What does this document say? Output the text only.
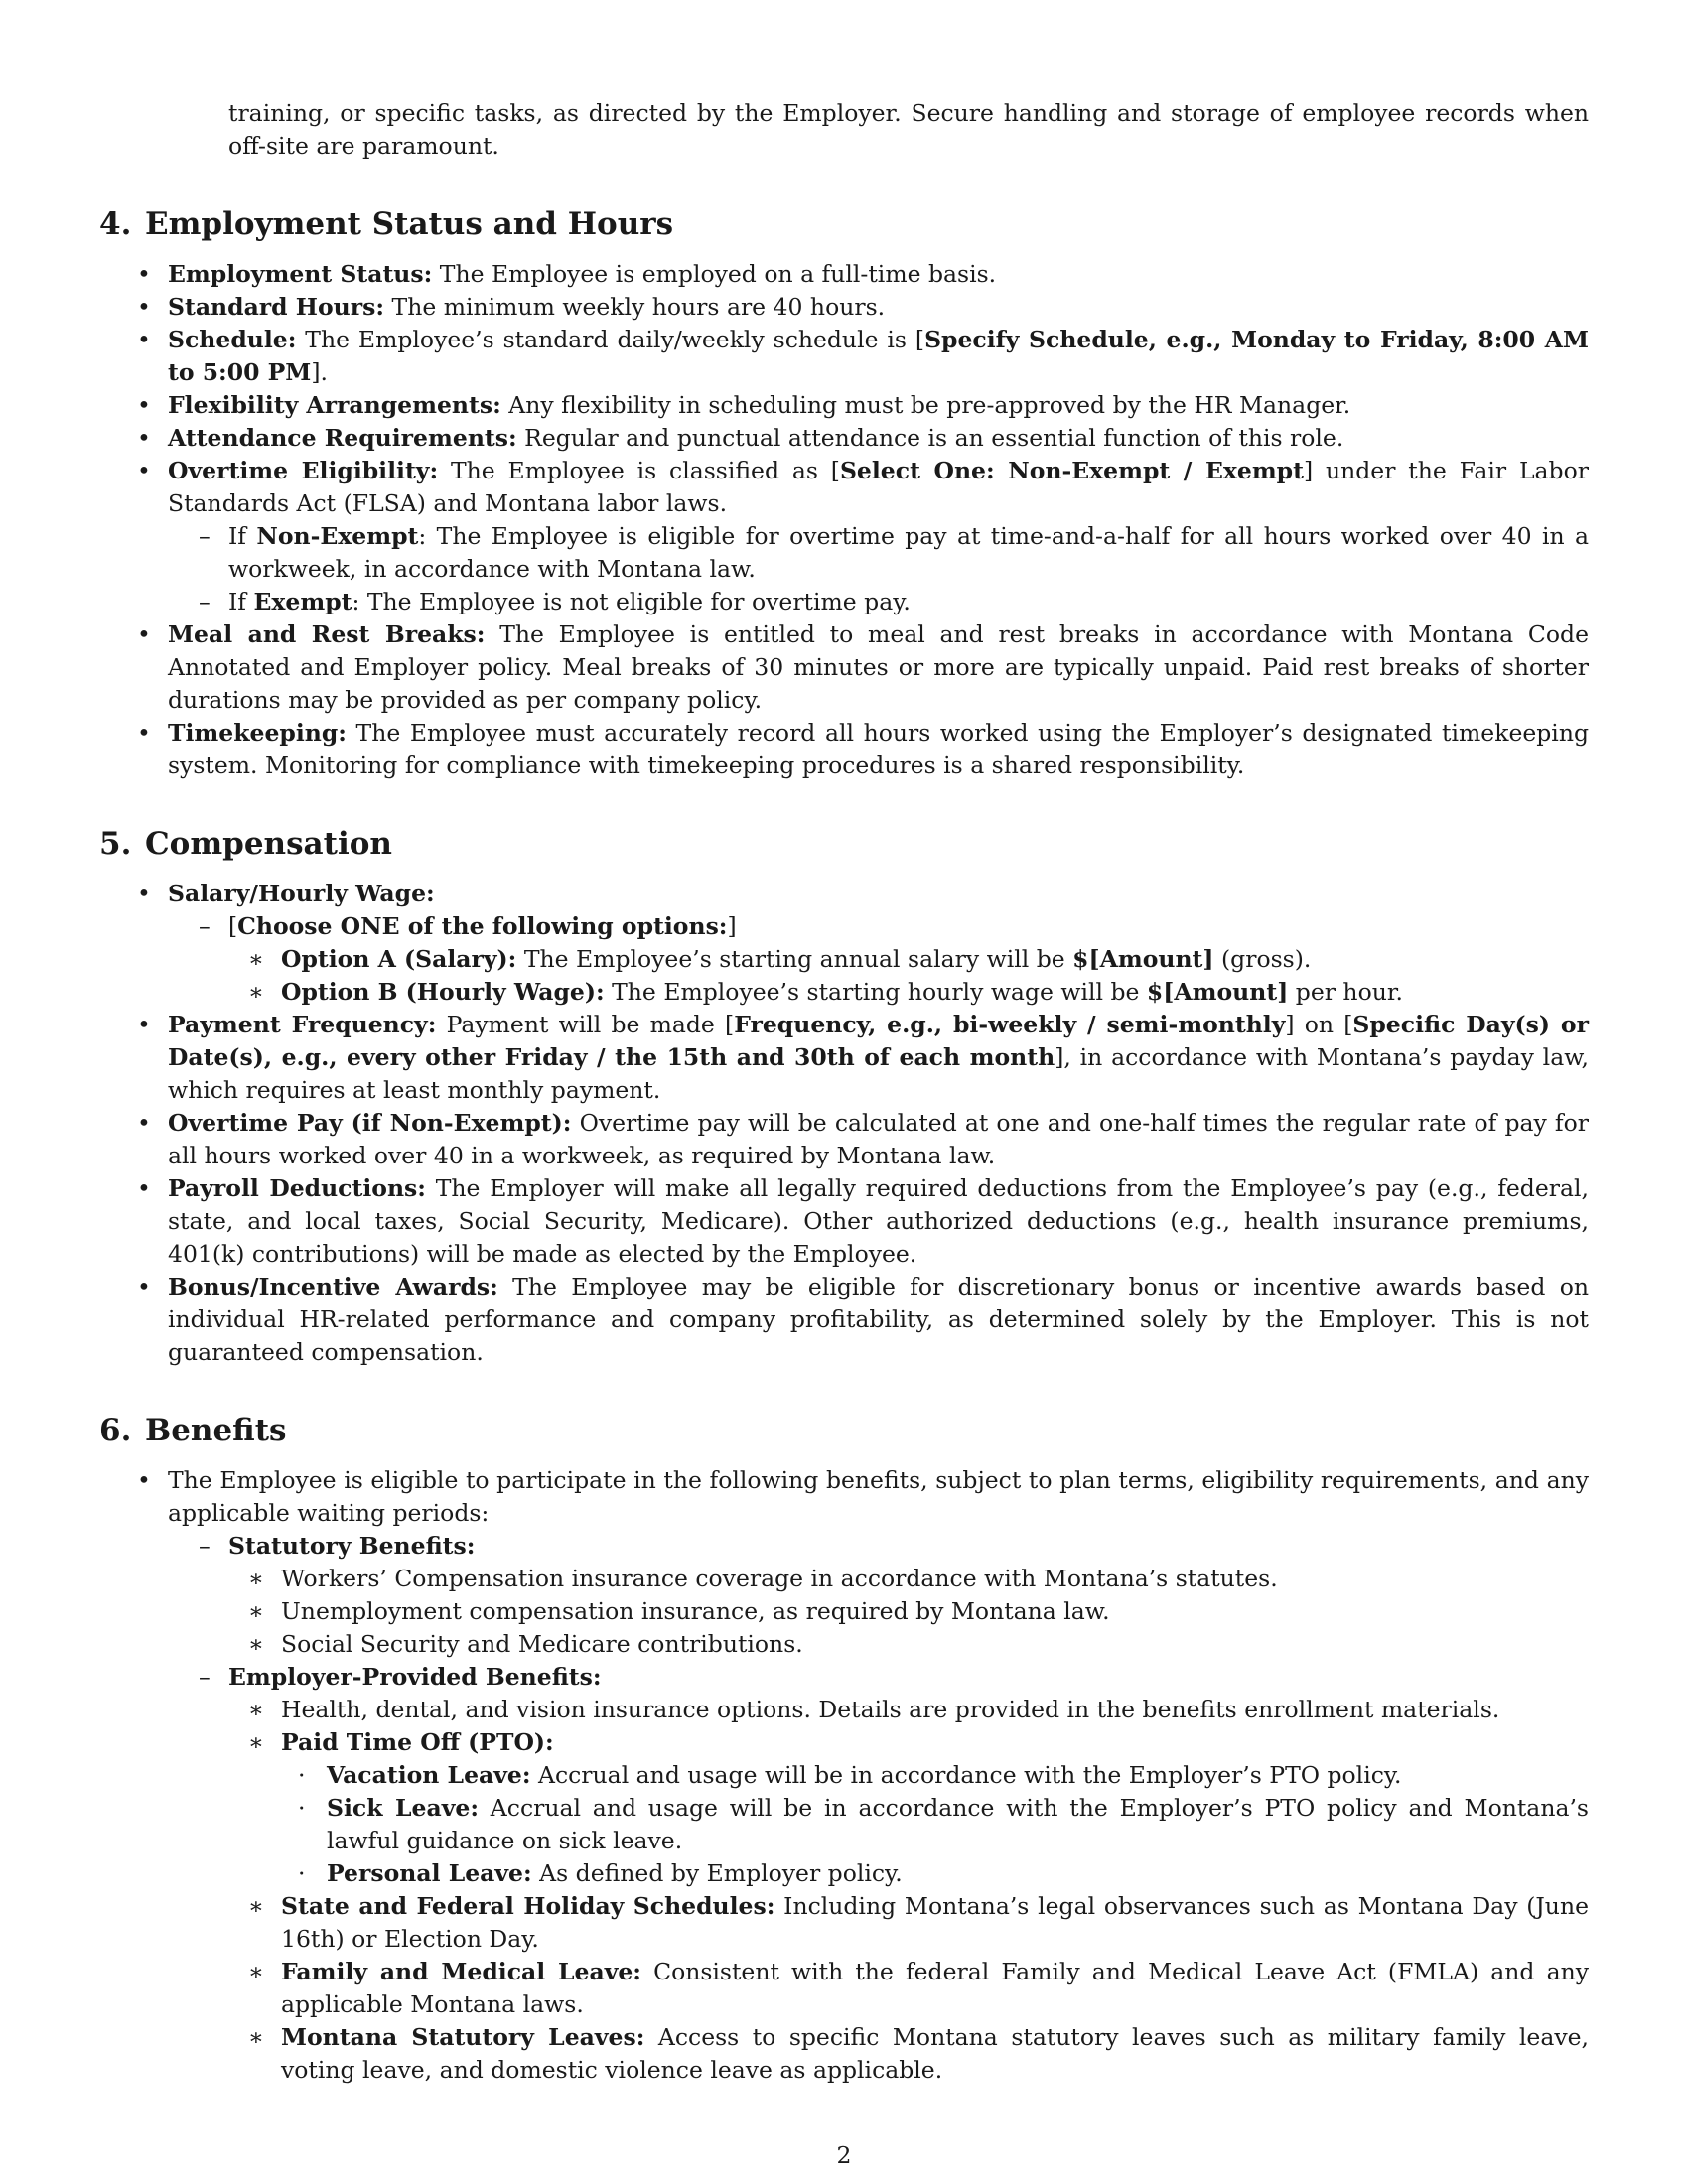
training, or specific tasks, as directed by the Employer. Secure handling and storage of employee records when off-site are paramount.

4. Employment Status and Hours
• Employment Status: The Employee is employed on a full-time basis.
• Standard Hours: The minimum weekly hours are 40 hours.
• Schedule: The Employee’s standard daily/weekly schedule is [Specify Schedule, e.g., Monday to Friday, 8:00 AM to 5:00 PM].
• Flexibility Arrangements: Any flexibility in scheduling must be pre-approved by the HR Manager.
• Attendance Requirements: Regular and punctual attendance is an essential function of this role.
• Overtime Eligibility: The Employee is classified as [Select One: Non-Exempt / Exempt] under the Fair Labor Standards Act (FLSA) and Montana labor laws.
– If Non-Exempt: The Employee is eligible for overtime pay at time-and-a-half for all hours worked over 40 in a workweek, in accordance with Montana law.
– If Exempt: The Employee is not eligible for overtime pay.
• Meal and Rest Breaks: The Employee is entitled to meal and rest breaks in accordance with Montana Code Annotated and Employer policy. Meal breaks of 30 minutes or more are typically unpaid. Paid rest breaks of shorter durations may be provided as per company policy.
• Timekeeping: The Employee must accurately record all hours worked using the Employer’s designated timekeeping system. Monitoring for compliance with timekeeping procedures is a shared responsibility.
5. Compensation
• Salary/Hourly Wage:
– [Choose ONE of the following options:]
∗ Option A (Salary): The Employee’s starting annual salary will be $[Amount] (gross).
∗ Option B (Hourly Wage): The Employee’s starting hourly wage will be $[Amount] per hour.
• Payment Frequency: Payment will be made [Frequency, e.g., bi-weekly / semi-monthly] on [Specific Day(s) or Date(s), e.g., every other Friday / the 15th and 30th of each month], in accordance with Montana’s payday law, which requires at least monthly payment.
• Overtime Pay (if Non-Exempt): Overtime pay will be calculated at one and one-half times the regular rate of pay for all hours worked over 40 in a workweek, as required by Montana law.
• Payroll Deductions: The Employer will make all legally required deductions from the Employee’s pay (e.g., federal, state, and local taxes, Social Security, Medicare). Other authorized deductions (e.g., health insurance premiums, 401(k) contributions) will be made as elected by the Employee.
• Bonus/Incentive Awards: The Employee may be eligible for discretionary bonus or incentive awards based on individual HR-related performance and company profitability, as determined solely by the Employer. This is not guaranteed compensation.
6. Benefits
• The Employee is eligible to participate in the following benefits, subject to plan terms, eligibility requirements, and any applicable waiting periods:
– Statutory Benefits:
∗ Workers’ Compensation insurance coverage in accordance with Montana’s statutes.
∗ Unemployment compensation insurance, as required by Montana law.
∗ Social Security and Medicare contributions.
– Employer-Provided Benefits:
∗ Health, dental, and vision insurance options. Details are provided in the benefits enrollment materials.
∗ Paid Time Off (PTO):
· Vacation Leave: Accrual and usage will be in accordance with the Employer’s PTO policy.
· Sick Leave: Accrual and usage will be in accordance with the Employer’s PTO policy and Montana’s lawful guidance on sick leave.
· Personal Leave: As defined by Employer policy.
∗ State and Federal Holiday Schedules: Including Montana’s legal observances such as Montana Day (June 16th) or Election Day.
∗ Family and Medical Leave: Consistent with the federal Family and Medical Leave Act (FMLA) and any applicable Montana laws.
∗ Montana Statutory Leaves: Access to specific Montana statutory leaves such as military family leave, voting leave, and domestic violence leave as applicable.
2
